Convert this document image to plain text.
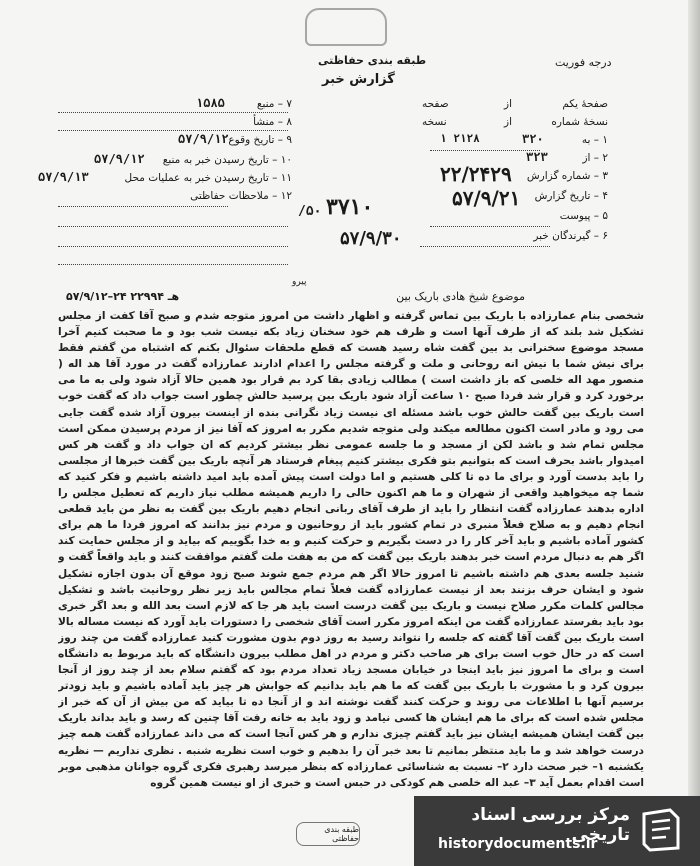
طبقه بندی حفاظتی
گزارش خبر
درجه فوریت
صفحهٔ یکم
از
صفحه
نسخهٔ شماره
از
نسخه
۱ – به
۳۲۰
۲۱۲۸ ۱
۲ – از
۳۲۳
۳ – شماره گزارش
۲۲/۲۴۲۹
۴ – تاریخ گزارش
۵۷/۹/۲۱
۵ – پیوست
۶ – گیرندگان خبر
۷ – منبع
۱۵۸۵
۸ – منشأ
۹ – تاریخ وقوع
۵۷/۹/۱۲
۱۰ – تاریخ رسیدن خبر به منبع
۵۷/۹/۱۲
۱۱ – تاریخ رسیدن خبر به عملیات محل
۵۷/۹/۱۳
۱۲ – ملاحظات حفاظتی ۳۷۱۰
۵۰/
۵۷/۹/۳۰
پیرو
موضوع شیخ هادی باریک بین
۵۷/۹/۱۲–۲۴ هـ ۲۲۹۹۴
شخصی بنام عمارزاده با باریک بین تماس گرفته و اظهار داشت من امروز متوجه شدم و صبح آقا کفت از مجلس تشکیل شد بلند که از طرف آنها است و ظرف هم خود سخنان زیاد بکه نیست شب بود و ما صحبت کنیم آخرا مسجد موضوع سخنرانی بد بین گفت شاه رسید هست که قطع ملحقات سئوال بکنم که اشتباه من گفتم فقط برای نیش شما با نیش انه روحانی و ملت و گرفته مجلس را اعدام ادارند عمارزاده گفت در مورد آقا هد اله ( منصور مهد اله خلصی که باز داشت است ) مطالب زیادی بقا کرد بم قرار بود همین حالا آزاد شود ولی به ما می برخورد کرد و قرار شد فردا صبح ۱۰ ساعت آزاد شود باریک بین پرسید حالش چطور است جواب داد که گفت خوب است باریک بین گفت حالش خوب باشد مسئله ای نیست زیاد نگرانی بنده از اینست بیرون آزاد شده گفت جایی می رود و مادر است اکنون مطالعه میکند ولی متوجه شدیم مکرر به امروز که آقا نیز از مردم پرسیدن ممکن است مجلس تمام شد و باشد لکن از مسجد و ما جلسه عمومی نظر بیشتر کردیم که ان جواب داد و گفت هر کس امیدوار باشد بحرف است که بتوانیم بتو فکری بیشتر کنیم پیغام فرستاد هر آنچه باریک بین گفت خبرها از مجلسی را باید بدست آورد و برای ما ده تا کلی هستیم و اما دولت است پیش آمده باید امید داشته باشیم و فکر کنید که شما چه میخواهید واقعی از شهران و ما هم اکنون حالی را داریم همیشه مطلب نیاز داریم که تعطیل مجلس را اداره بدهند عمارزاده گفت انتظار را باید از طرف آقای ربانی انجام دهیم باریک بین گفت به نظر من باید قطعی انجام دهیم و به صلاح فعلاً منبری در تمام کشور باید از روحانیون و مردم نیز بدانند که امروز فردا ما هم برای کشور آماده باشیم و باید آخر کار را در دست بگیریم و حرکت کنیم و به خدا بگوییم که بیاید و از مجلس حمایت کند اگر هم به دنبال مردم است خبر بدهند باریک بین گفت که من به هفت ملت گفتم موافقت کنند و باید واقعاً گفت و شنید جلسه بعدی هم داشته باشیم تا امروز حالا اگر هم مردم جمع شوند صبح زود موقع آن بدون اجازه تشکیل شود و ایشان حرف بزنند بعد از نیست عمارزاده گفت فعلاً تمام مجالس باید زیر نظر روحانیت باشد و تشکیل مجالس کلمات مکرر صلاح نیست و باریک بین گفت درست است باید هر جا که لازم است بعد الله و بعد اگر خبری بود باید بفرستد عمارزاده گفت من اینکه امروز مکرر است آقای شخصی را دستورات باید آورد که نیست مساله بالا است باریک بین گفت آقا گفته که جلسه را نتواند رسید به روز دوم بدون مشورت کنید عمارزاده گفت من چند روز است که در حال خوب است برای هر صاحب دکتر و مردم در اهل مطلب بیرون دانشگاه که باید مربوط به دانشگاه است و برای ما امروز نیز باید اینجا در خیابان مسجد زیاد تعداد مردم بود که گفتم سلام بعد از چند روز از آنجا بیرون کرد و با مشورت با باریک بین گفت که ما هم باید بدانیم که جوابش هر چیز باید آماده باشیم و باید زودتر برسیم آنها با اطلاعات می روند و حرکت کنند گفت نوشته اند و از آنجا ده تا بیاید که من بیش از آن که خبر از مجلس شده است که برای ما هم ایشان ها کسی نیامد و زود باید به خانه رفت آقا چنین که رسد و باید بداند باریک بین گفت ایشان همیشه ایشان نیز باید گفتم چیزی ندارم و هر کس آنجا است که می داند عمارزاده گفت همه چیز درست خواهد شد و ما باید منتظر بمانیم تا بعد خبر آن را بدهیم و خوب است نظریه شنبه . نظری نداریم — نظریه یکشنبه ۱– خبر صحت دارد ۲– نسبت به شناسائی عمارزاده که بنظر میرسد رهبری فکری گروه جوانان مذهبی موبر است اقدام بعمل آید ۳– عبد اله خلصی هم کودکی در حبس است و خبری از او نیست همین گروه
طبقه بندی حفاظتی
مرکز بررسی اسناد تاریخی
historydocuments.ir
